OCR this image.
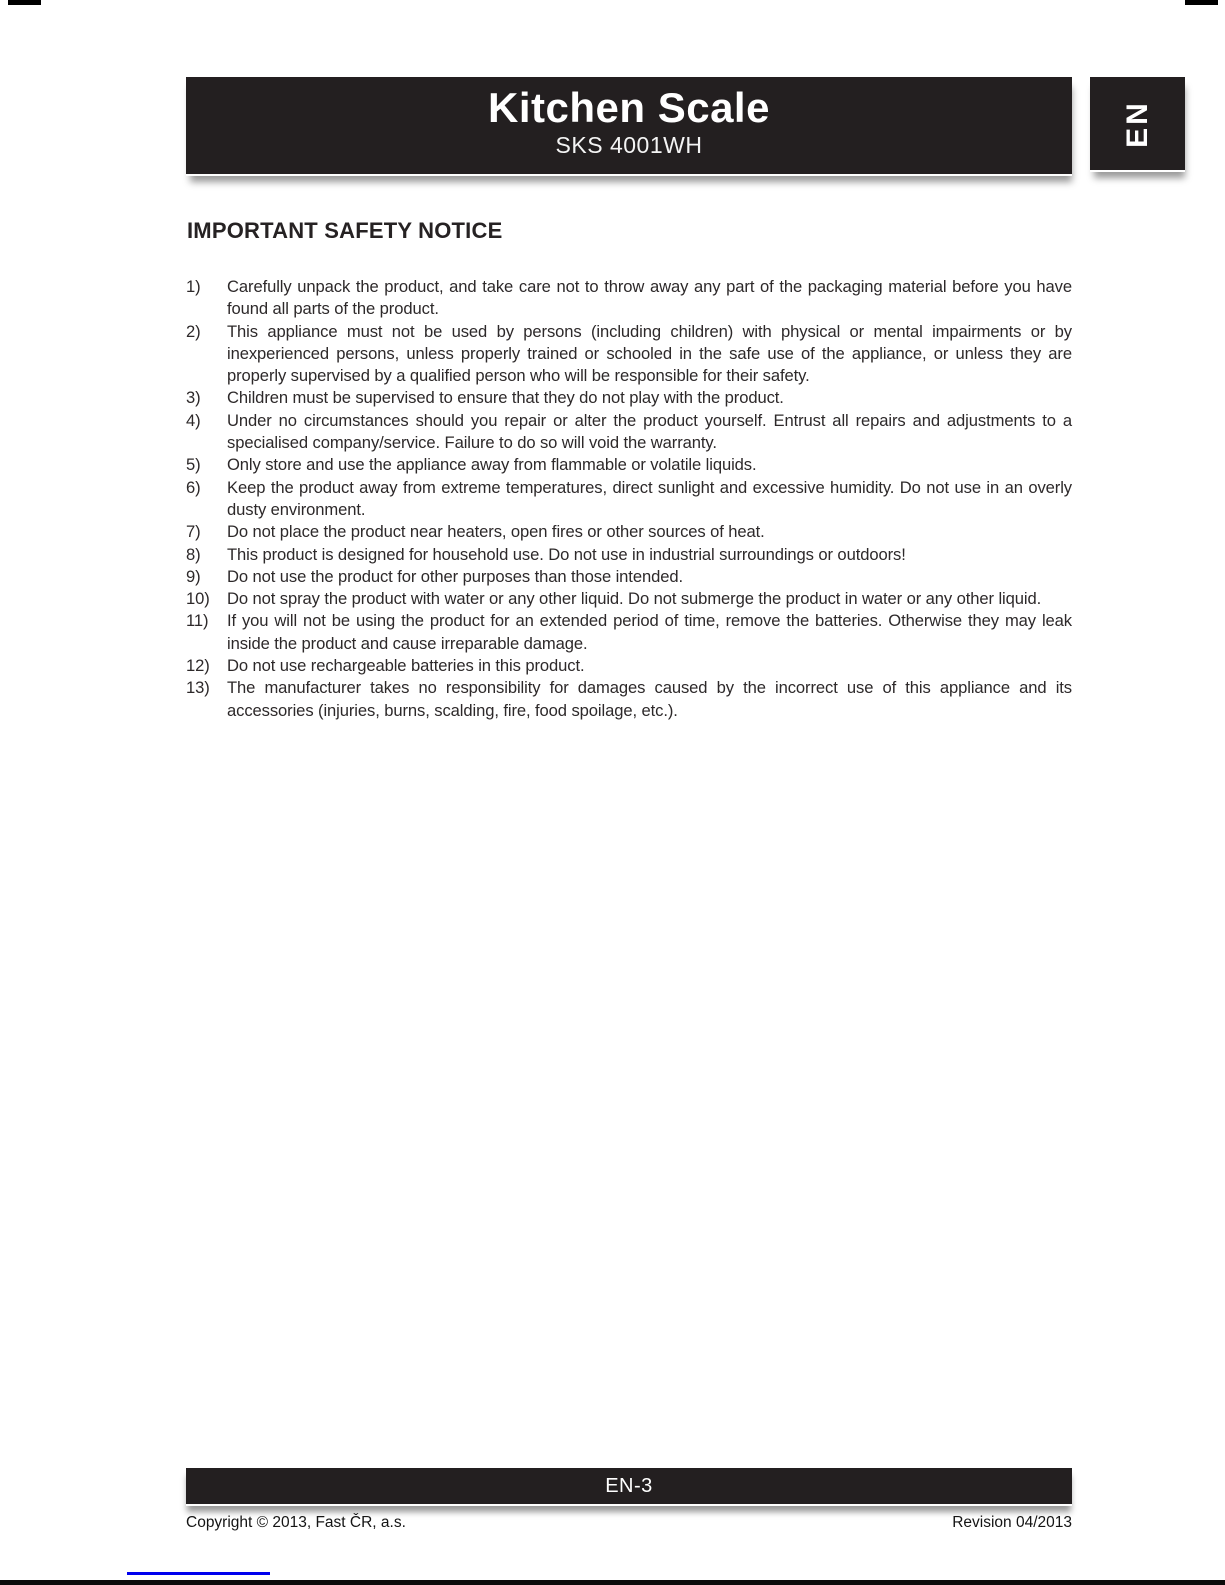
Kitchen Scale
SKS 4001WH	EN
IMPORTANT SAFETY NOTICE
1)	Carefully unpack the product, and take care not to throw away any part of the packaging material before you have found all parts of the product.
2)	This appliance must not be used by persons (including children) with physical or mental impairments or by inexperienced persons, unless properly trained or schooled in the safe use of the appliance, or unless they are properly supervised by a qualified person who will be responsible for their safety.
3)	Children must be supervised to ensure that they do not play with the product.
4)	Under no circumstances should you repair or alter the product yourself. Entrust all repairs and adjustments to a specialised company/service. Failure to do so will void the warranty.
5)	Only store and use the appliance away from flammable or volatile liquids.
6)	Keep the product away from extreme temperatures, direct sunlight and excessive humidity. Do not use in an overly dusty environment.
7)	Do not place the product near heaters, open fires or other sources of heat.
8)	This product is designed for household use. Do not use in industrial surroundings or outdoors!
9)	Do not use the product for other purposes than those intended.
10)	Do not spray the product with water or any other liquid. Do not submerge the product in water or any other liquid.
11)	If you will not be using the product for an extended period of time, remove the batteries. Otherwise they may leak inside the product and cause irreparable damage.
12)	Do not use rechargeable batteries in this product.
13)	The manufacturer takes no responsibility for damages caused by the incorrect use of this appliance and its accessories (injuries, burns, scalding, fire, food spoilage, etc.).
EN-3
Copyright © 2013, Fast ČR, a.s.	Revision 04/2013
